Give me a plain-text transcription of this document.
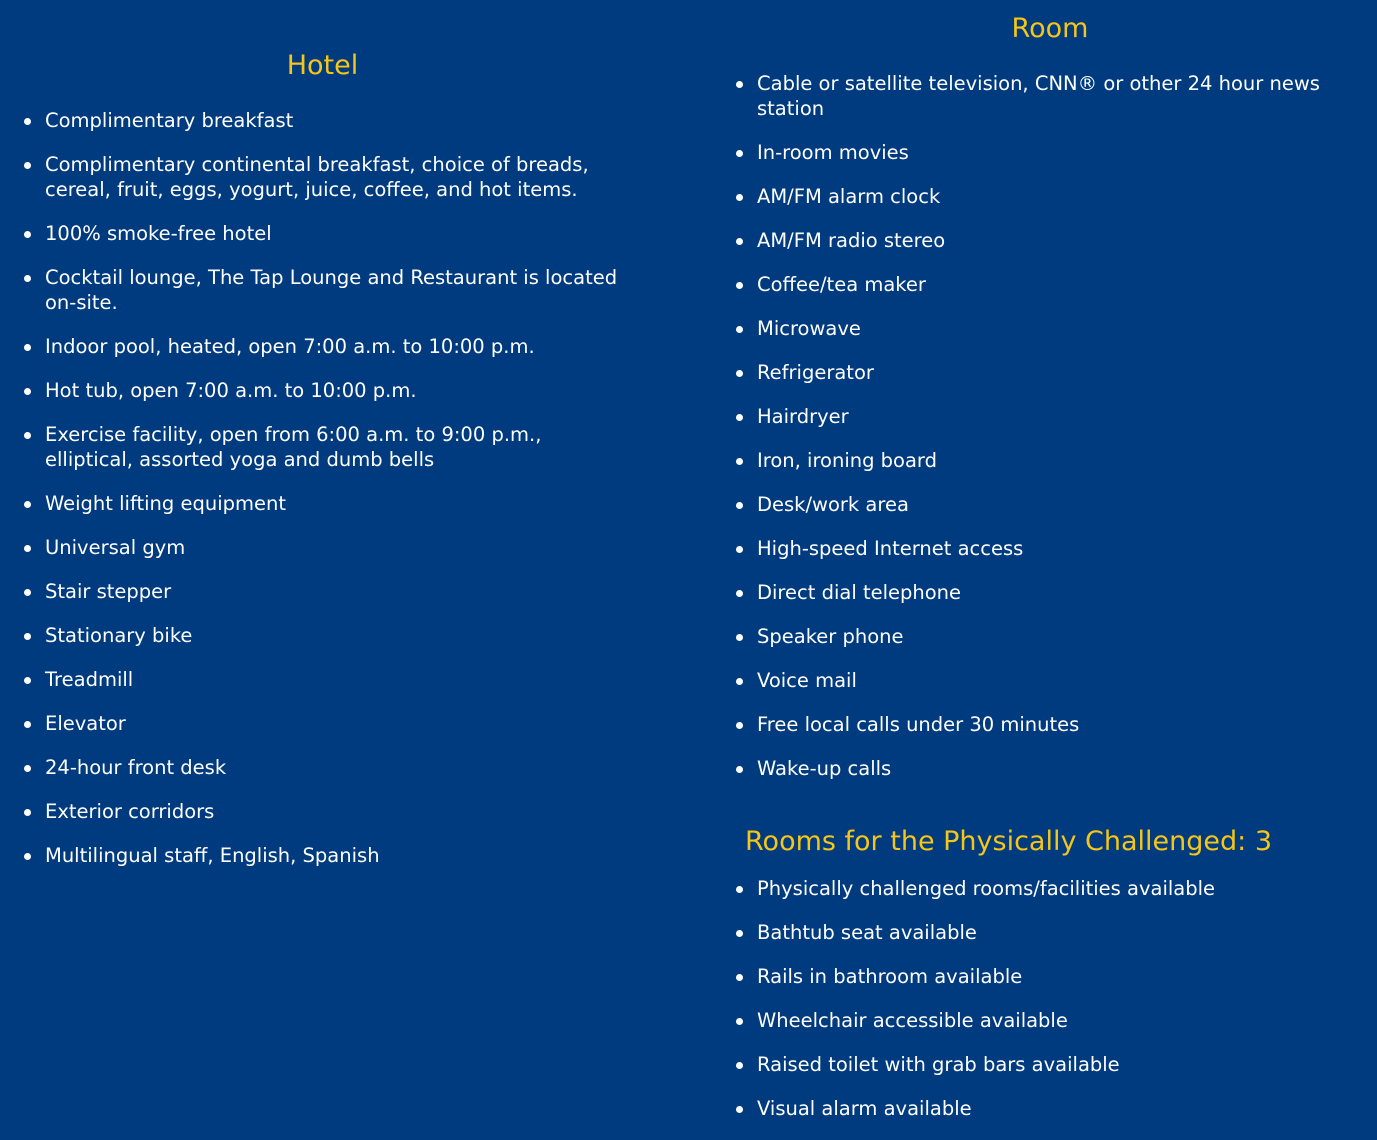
Hotel
Complimentary breakfast
Complimentary continental breakfast, choice of breads, cereal, fruit, eggs, yogurt, juice, coffee, and hot items.
100% smoke-free hotel
Cocktail lounge, The Tap Lounge and Restaurant is located on-site.
Indoor pool, heated, open 7:00 a.m. to 10:00 p.m.
Hot tub, open 7:00 a.m. to 10:00 p.m.
Exercise facility, open from 6:00 a.m. to 9:00 p.m., elliptical, assorted yoga and dumb bells
Weight lifting equipment
Universal gym
Stair stepper
Stationary bike
Treadmill
Elevator
24-hour front desk
Exterior corridors
Multilingual staff, English, Spanish
Room
Cable or satellite television, CNN® or other 24 hour news station
In-room movies
AM/FM alarm clock
AM/FM radio stereo
Coffee/tea maker
Microwave
Refrigerator
Hairdryer
Iron, ironing board
Desk/work area
High-speed Internet access
Direct dial telephone
Speaker phone
Voice mail
Free local calls under 30 minutes
Wake-up calls
Rooms for the Physically Challenged: 3
Physically challenged rooms/facilities available
Bathtub seat available
Rails in bathroom available
Wheelchair accessible available
Raised toilet with grab bars available
Visual alarm available
